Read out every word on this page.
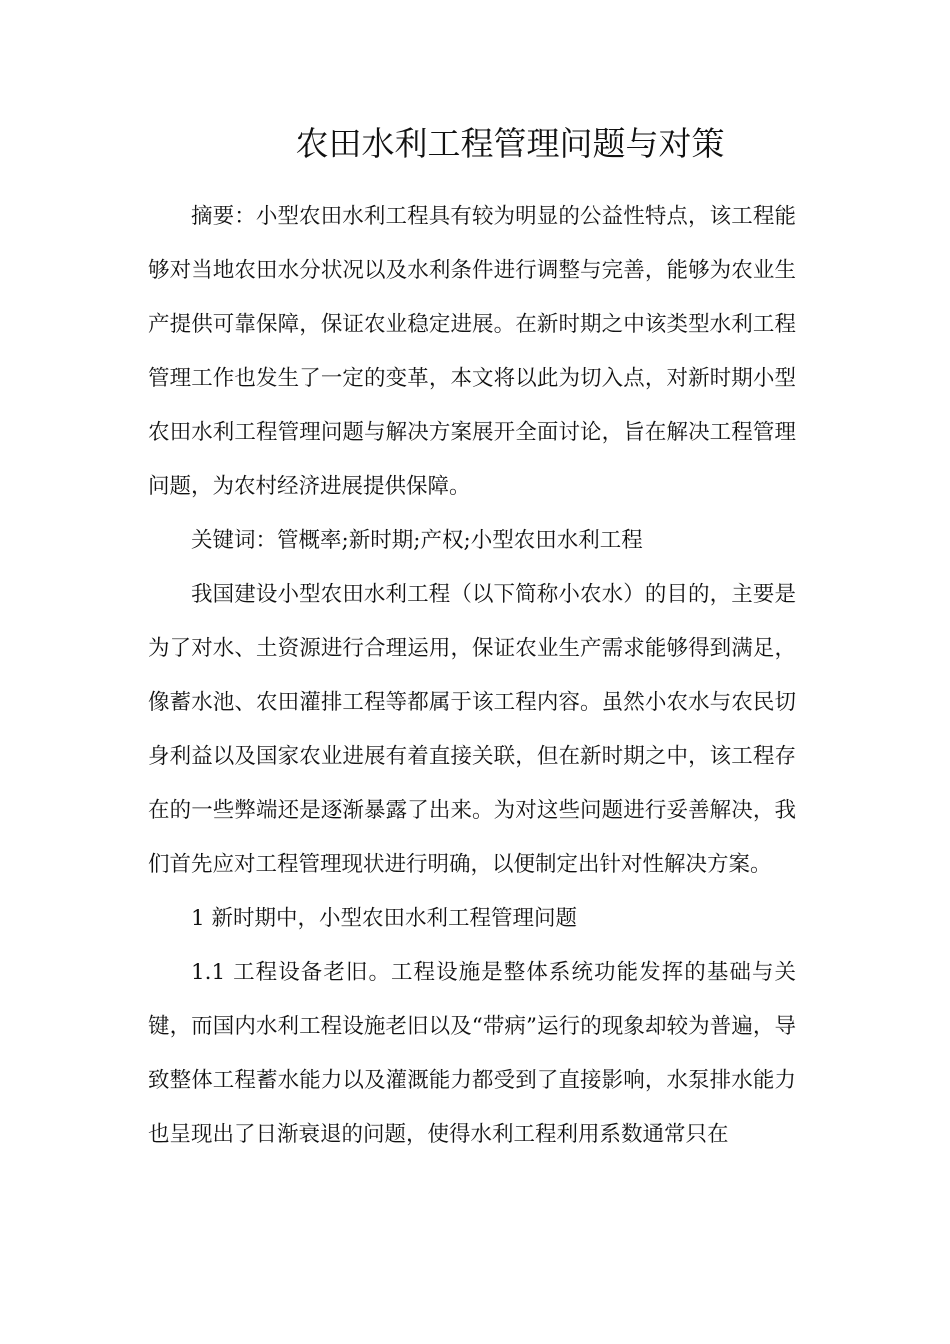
农田水利工程管理问题与对策

摘要：小型农田水利工程具有较为明显的公益性特点，该工程能够对当地农田水分状况以及水利条件进行调整与完善，能够为农业生产提供可靠保障，保证农业稳定进展。在新时期之中该类型水利工程管理工作也发生了一定的变革，本文将以此为切入点，对新时期小型农田水利工程管理问题与解决方案展开全面讨论，旨在解决工程管理问题，为农村经济进展提供保障。

关键词：管概率;新时期;产权;小型农田水利工程

我国建设小型农田水利工程（以下简称小农水）的目的，主要是为了对水、土资源进行合理运用，保证农业生产需求能够得到满足，像蓄水池、农田灌排工程等都属于该工程内容。虽然小农水与农民切身利益以及国家农业进展有着直接关联，但在新时期之中，该工程存在的一些弊端还是逐渐暴露了出来。为对这些问题进行妥善解决，我们首先应对工程管理现状进行明确，以便制定出针对性解决方案。

1 新时期中，小型农田水利工程管理问题

1.1 工程设备老旧。工程设施是整体系统功能发挥的基础与关键，而国内水利工程设施老旧以及“带病”运行的现象却较为普遍，导致整体工程蓄水能力以及灌溉能力都受到了直接影响，水泵排水能力也呈现出了日渐衰退的问题，使得水利工程利用系数通常只在
